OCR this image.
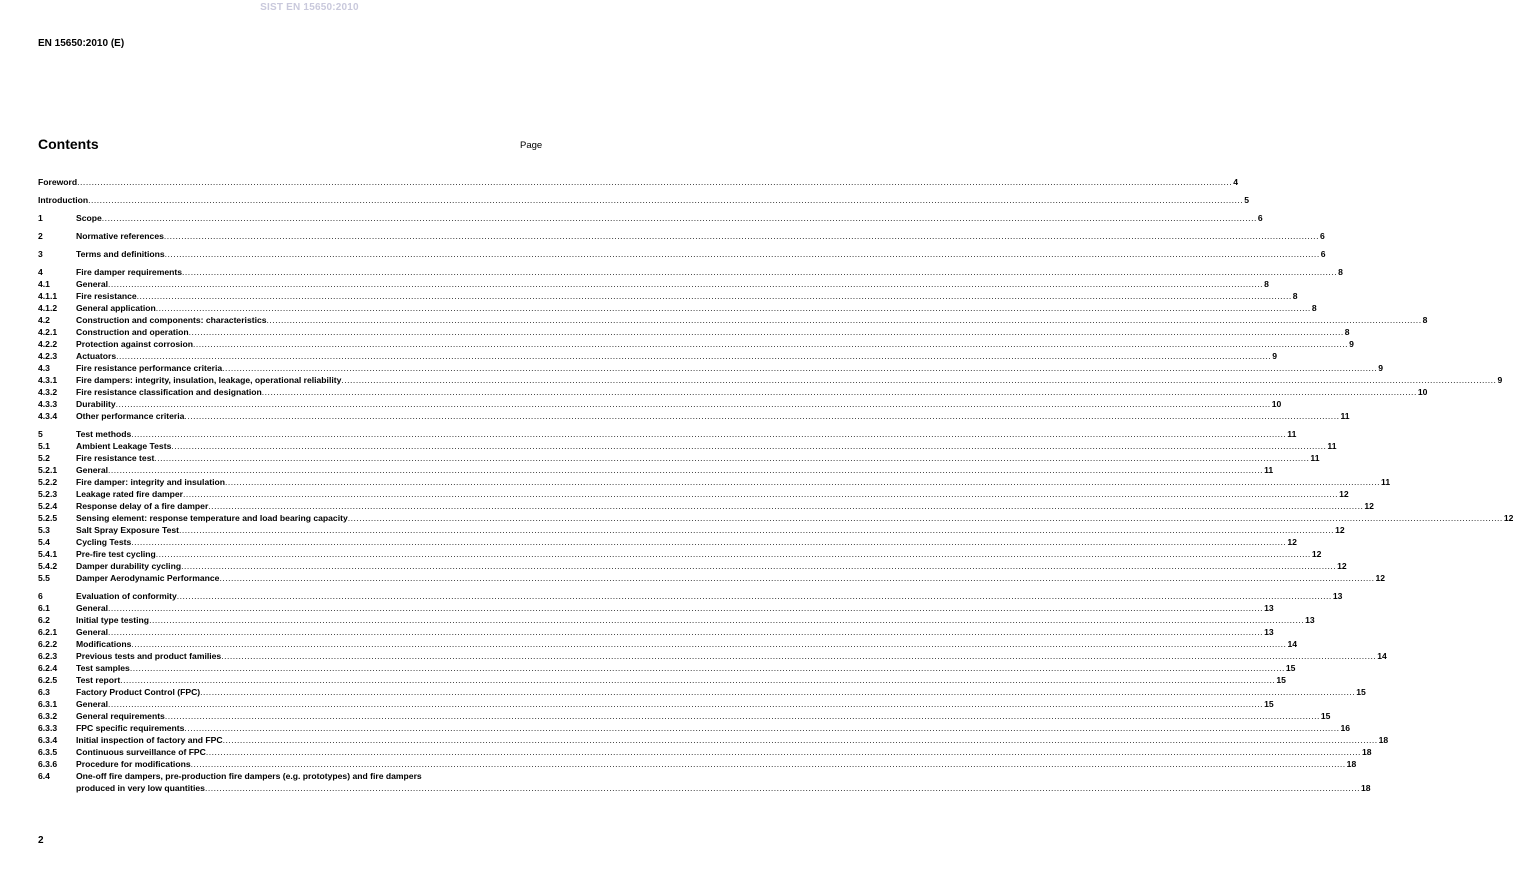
SIST EN 15650:2010
EN 15650:2010 (E)
Contents	Page
Foreword ................................................................................................................................................................................................................................................................................................................................................................................................................ 4
Introduction ................................................................................................................................................................................................................................................................................................................................................................................................................ 5
1	Scope ................................................................................................................................................................................................................................................................................................................................................................................................................ 6
2	Normative references ................................................................................................................................................................................................................................................................................................................................................................................................................ 6
3	Terms and definitions ................................................................................................................................................................................................................................................................................................................................................................................................................ 6
4	Fire damper requirements ................................................................................................................................................................................................................................................................................................................................................................................................................ 8
4.1	General ................................................................................................................................................................................................................................................................................................................................................................................................................ 8
4.1.1 Fire resistance ................................................................................................................................................................................................................................................................................................................................................................................................................ 8
4.1.2 General application ................................................................................................................................................................................................................................................................................................................................................................................................................ 8
4.2	Construction and components: characteristics ................................................................................................................................................................................................................................................................................................................................................................................................................ 8
4.2.1 Construction and operation ................................................................................................................................................................................................................................................................................................................................................................................................................ 8
4.2.2 Protection against corrosion ................................................................................................................................................................................................................................................................................................................................................................................................................ 9
4.2.3 Actuators ................................................................................................................................................................................................................................................................................................................................................................................................................ 9
4.3	Fire resistance performance criteria ................................................................................................................................................................................................................................................................................................................................................................................................................ 9
4.3.1 Fire dampers: integrity, insulation, leakage, operational reliability ................................................................................................................................................................................................................................................................................................................................................................................................................ 9
4.3.2 Fire resistance classification and designation ................................................................................................................................................................................................................................................................................................................................................................................................................ 10
4.3.3 Durability ................................................................................................................................................................................................................................................................................................................................................................................................................ 10
4.3.4 Other performance criteria ................................................................................................................................................................................................................................................................................................................................................................................................................ 11
5	Test methods ................................................................................................................................................................................................................................................................................................................................................................................................................ 11
5.1	Ambient Leakage Tests ................................................................................................................................................................................................................................................................................................................................................................................................................ 11
5.2	Fire resistance test ................................................................................................................................................................................................................................................................................................................................................................................................................ 11
5.2.1 General ................................................................................................................................................................................................................................................................................................................................................................................................................ 11
5.2.2 Fire damper: integrity and insulation ................................................................................................................................................................................................................................................................................................................................................................................................................ 11
5.2.3 Leakage rated fire damper ................................................................................................................................................................................................................................................................................................................................................................................................................ 12
5.2.4 Response delay of a fire damper ................................................................................................................................................................................................................................................................................................................................................................................................................ 12
5.2.5 Sensing element: response temperature and load bearing capacity ................................................................................................................................................................................................................................................................................................................................................................................................................ 12
5.3	Salt Spray Exposure Test ................................................................................................................................................................................................................................................................................................................................................................................................................ 12
5.4	Cycling Tests ................................................................................................................................................................................................................................................................................................................................................................................................................ 12
5.4.1 Pre-fire test cycling ................................................................................................................................................................................................................................................................................................................................................................................................................ 12
5.4.2 Damper durability cycling ................................................................................................................................................................................................................................................................................................................................................................................................................ 12
5.5	Damper Aerodynamic Performance ................................................................................................................................................................................................................................................................................................................................................................................................................ 12
6	Evaluation of conformity ................................................................................................................................................................................................................................................................................................................................................................................................................ 13
6.1	General ................................................................................................................................................................................................................................................................................................................................................................................................................ 13
6.2	Initial type testing ................................................................................................................................................................................................................................................................................................................................................................................................................ 13
6.2.1 General ................................................................................................................................................................................................................................................................................................................................................................................................................ 13
6.2.2 Modifications ................................................................................................................................................................................................................................................................................................................................................................................................................ 14
6.2.3 Previous tests and product families ................................................................................................................................................................................................................................................................................................................................................................................................................ 14
6.2.4 Test samples ................................................................................................................................................................................................................................................................................................................................................................................................................ 15
6.2.5 Test report ................................................................................................................................................................................................................................................................................................................................................................................................................ 15
6.3	Factory Product Control (FPC) ................................................................................................................................................................................................................................................................................................................................................................................................................ 15
6.3.1 General ................................................................................................................................................................................................................................................................................................................................................................................................................ 15
6.3.2 General requirements ................................................................................................................................................................................................................................................................................................................................................................................................................ 15
6.3.3 FPC specific requirements ................................................................................................................................................................................................................................................................................................................................................................................................................ 16
6.3.4 Initial inspection of factory and FPC ................................................................................................................................................................................................................................................................................................................................................................................................................ 18
6.3.5 Continuous surveillance of FPC ................................................................................................................................................................................................................................................................................................................................................................................................................ 18
6.3.6 Procedure for modifications ................................................................................................................................................................................................................................................................................................................................................................................................................ 18
6.4	One-off fire dampers, pre-production fire dampers (e.g. prototypes) and fire dampers
produced in very low quantities ................................................................................................................................................................................................................................................................................................................................................................................................................ 18
2
